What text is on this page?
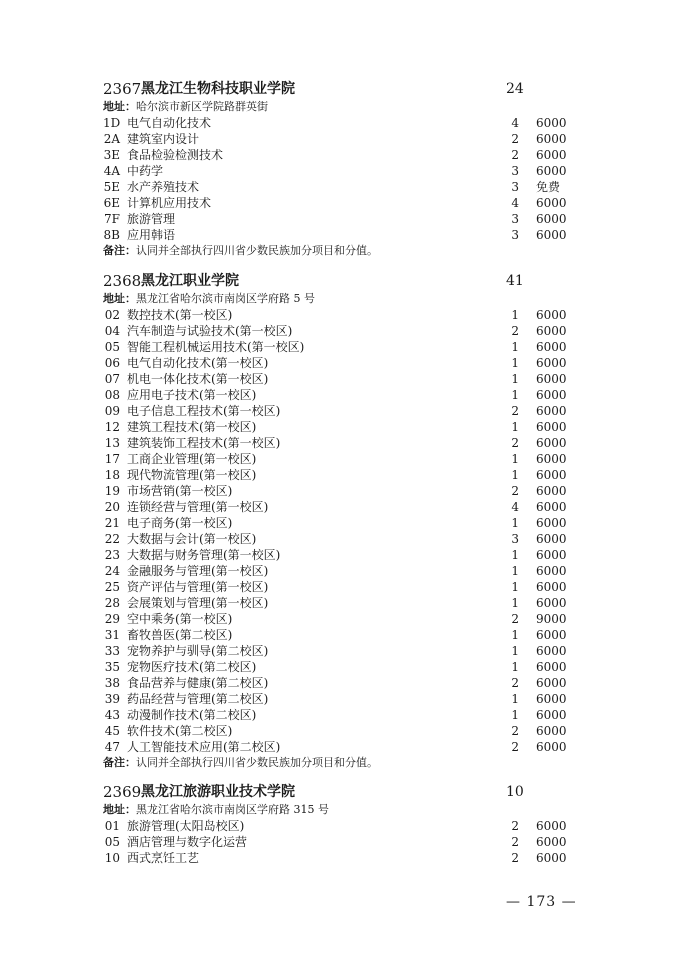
2367 黑龙江生物科技职业学院	24
地址：哈尔滨市新区学院路群英街
1D 电气自动化技术	4 6000
2A 建筑室内设计	2 6000
3E 食品检验检测技术	2 6000
4A 中药学	3 6000
5E 水产养殖技术	3 免费
6E 计算机应用技术	4 6000
7F 旅游管理	3 6000
8B 应用韩语	3 6000
备注：认同并全部执行四川省少数民族加分项目和分值。
2368 黑龙江职业学院	41
地址：黑龙江省哈尔滨市南岗区学府路 5 号
02 数控技术(第一校区)	1 6000
04 汽车制造与试验技术(第一校区)	2 6000
05 智能工程机械运用技术(第一校区)	1 6000
06 电气自动化技术(第一校区)	1 6000
07 机电一体化技术(第一校区)	1 6000
08 应用电子技术(第一校区)	1 6000
09 电子信息工程技术(第一校区)	2 6000
12 建筑工程技术(第一校区)	1 6000
13 建筑装饰工程技术(第一校区)	2 6000
17 工商企业管理(第一校区)	1 6000
18 现代物流管理(第一校区)	1 6000
19 市场营销(第一校区)	2 6000
20 连锁经营与管理(第一校区)	4 6000
21 电子商务(第一校区)	1 6000
22 大数据与会计(第一校区)	3 6000
23 大数据与财务管理(第一校区)	1 6000
24 金融服务与管理(第一校区)	1 6000
25 资产评估与管理(第一校区)	1 6000
28 会展策划与管理(第一校区)	1 6000
29 空中乘务(第一校区)	2 9000
31 畜牧兽医(第二校区)	1 6000
33 宠物养护与驯导(第二校区)	1 6000
35 宠物医疗技术(第二校区)	1 6000
38 食品营养与健康(第二校区)	2 6000
39 药品经营与管理(第二校区)	1 6000
43 动漫制作技术(第二校区)	1 6000
45 软件技术(第二校区)	2 6000
47 人工智能技术应用(第二校区)	2 6000
备注：认同并全部执行四川省少数民族加分项目和分值。
2369 黑龙江旅游职业技术学院	10
地址：黑龙江省哈尔滨市南岗区学府路 315 号
01 旅游管理(太阳岛校区)	2 6000
05 酒店管理与数字化运营	2 6000
10 西式烹饪工艺	2 6000
— 173 —
